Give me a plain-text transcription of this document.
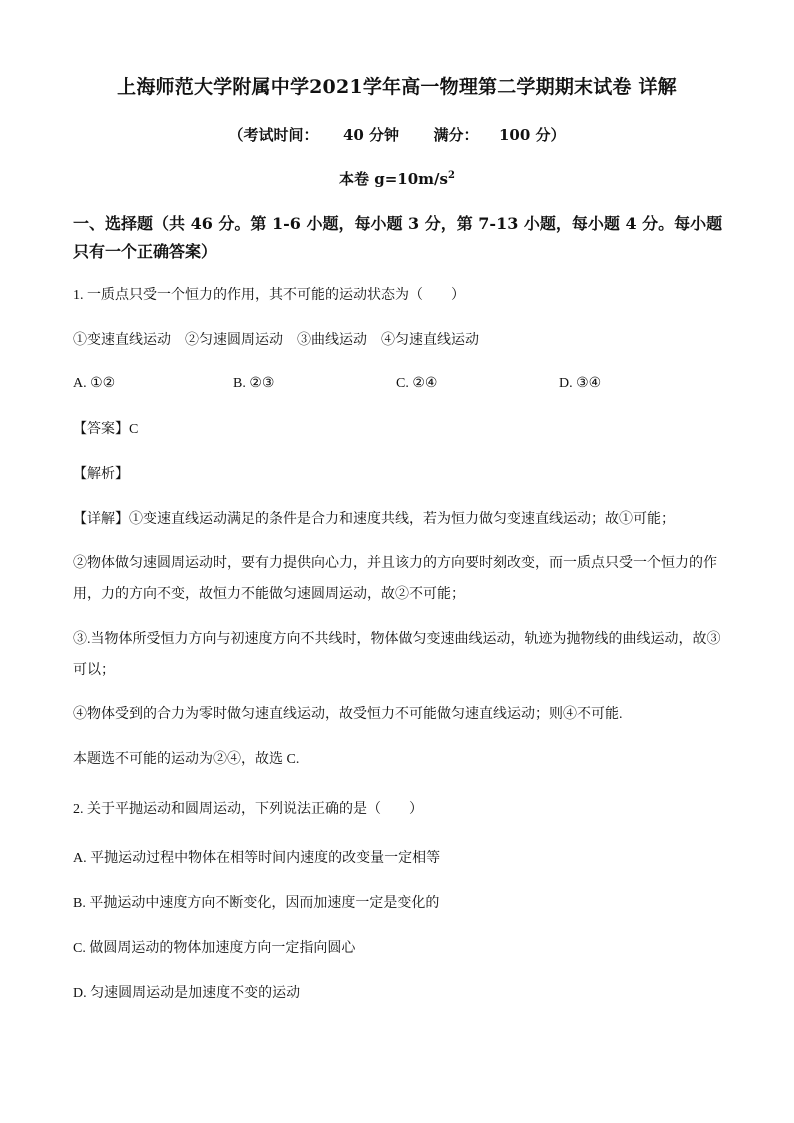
上海师范大学附属中学2021学年高一物理第二学期期末试卷 详解
（考试时间： 40 分钟 满分： 100 分）
本卷 $g=10m/s^2$
一、选择题（共 46 分。第 1-6 小题，每小题 3 分，第 7-13 小题，每小题 4 分。每小题只有一个正确答案）
1. 一质点只受一个恒力的作用，其不可能的运动状态为（　　）
①变速直线运动　②匀速圆周运动　③曲线运动　④匀速直线运动
A. ①②	B. ②③	C. ②④	D. ③④
【答案】C
【解析】
【详解】①变速直线运动满足的条件是合力和速度共线，若为恒力做匀变速直线运动；故①可能；
②物体做匀速圆周运动时，要有力提供向心力，并且该力的方向要时刻改变，而一质点只受一个恒力的作用，力的方向不变，故恒力不能做匀速圆周运动，故②不可能；
③.当物体所受恒力方向与初速度方向不共线时，物体做匀变速曲线运动，轨迹为抛物线的曲线运动，故③可以；
④物体受到的合力为零时做匀速直线运动，故受恒力不可能做匀速直线运动；则④不可能.
本题选不可能的运动为②④，故选 C.
2. 关于平抛运动和圆周运动，下列说法正确的是（　　）
A. 平抛运动过程中物体在相等时间内速度的改变量一定相等
B. 平抛运动中速度方向不断变化，因而加速度一定是变化的
C. 做圆周运动的物体加速度方向一定指向圆心
D. 匀速圆周运动是加速度不变的运动
